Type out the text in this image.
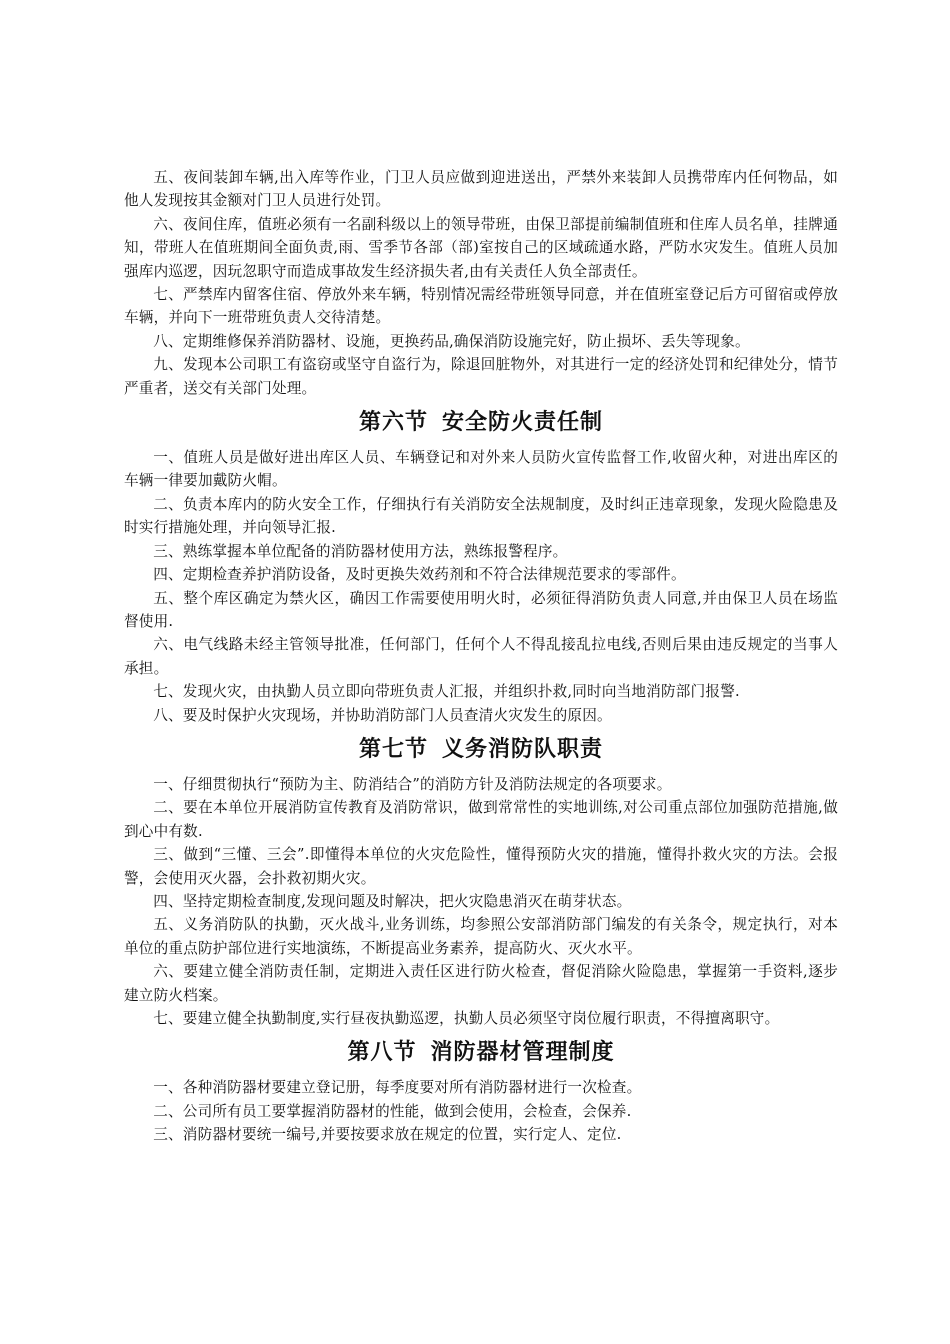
五、夜间装卸车辆,出入库等作业，门卫人员应做到迎进送出，严禁外来装卸人员携带库内任何物品，如他人发现按其金额对门卫人员进行处罚。

六、夜间住库，值班必须有一名副科级以上的领导带班，由保卫部提前编制值班和住库人员名单，挂牌通知，带班人在值班期间全面负责,雨、雪季节各部（部)室按自己的区域疏通水路，严防水灾发生。值班人员加强库内巡逻，因玩忽职守而造成事故发生经济损失者,由有关责任人负全部责任。

七、严禁库内留客住宿、停放外来车辆，特别情况需经带班领导同意，并在值班室登记后方可留宿或停放车辆，并向下一班带班负责人交待清楚。

八、定期维修保养消防器材、设施，更换药品,确保消防设施完好，防止损坏、丢失等现象。

九、发现本公司职工有盗窃或坚守自盗行为，除退回脏物外，对其进行一定的经济处罚和纪律处分，情节严重者，送交有关部门处理。

第六节 安全防火责任制

一、值班人员是做好进出库区人员、车辆登记和对外来人员防火宣传监督工作,收留火种，对进出库区的车辆一律要加戴防火帽。

二、负责本库内的防火安全工作，仔细执行有关消防安全法规制度，及时纠正违章现象，发现火险隐患及时实行措施处理，并向领导汇报.

三、熟练掌握本单位配备的消防器材使用方法，熟练报警程序。

四、定期检查养护消防设备，及时更换失效药剂和不符合法律规范要求的零部件。

五、整个库区确定为禁火区，确因工作需要使用明火时，必须征得消防负责人同意,并由保卫人员在场监督使用.

六、电气线路未经主管领导批准，任何部门，任何个人不得乱接乱拉电线,否则后果由违反规定的当事人承担。

七、发现火灾，由执勤人员立即向带班负责人汇报，并组织扑救,同时向当地消防部门报警.

八、要及时保护火灾现场，并协助消防部门人员查清火灾发生的原因。

第七节 义务消防队职责

一、仔细贯彻执行“预防为主、防消结合”的消防方针及消防法规定的各项要求。

二、要在本单位开展消防宣传教育及消防常识，做到常常性的实地训练,对公司重点部位加强防范措施,做到心中有数.

三、做到“三懂、三会”.即懂得本单位的火灾危险性，懂得预防火灾的措施，懂得扑救火灾的方法。会报警，会使用灭火器，会扑救初期火灾。

四、坚持定期检查制度,发现问题及时解决，把火灾隐患消灭在萌芽状态。

五、义务消防队的执勤，灭火战斗,业务训练，均参照公安部消防部门编发的有关条令，规定执行，对本单位的重点防护部位进行实地演练，不断提高业务素养，提高防火、灭火水平。

六、要建立健全消防责任制，定期进入责任区进行防火检查，督促消除火险隐患，掌握第一手资料,逐步建立防火档案。

七、要建立健全执勤制度,实行昼夜执勤巡逻，执勤人员必须坚守岗位履行职责，不得擅离职守。

第八节 消防器材管理制度

一、各种消防器材要建立登记册，每季度要对所有消防器材进行一次检查。

二、公司所有员工要掌握消防器材的性能，做到会使用，会检查，会保养.

三、消防器材要统一编号,并要按要求放在规定的位置，实行定人、定位.
